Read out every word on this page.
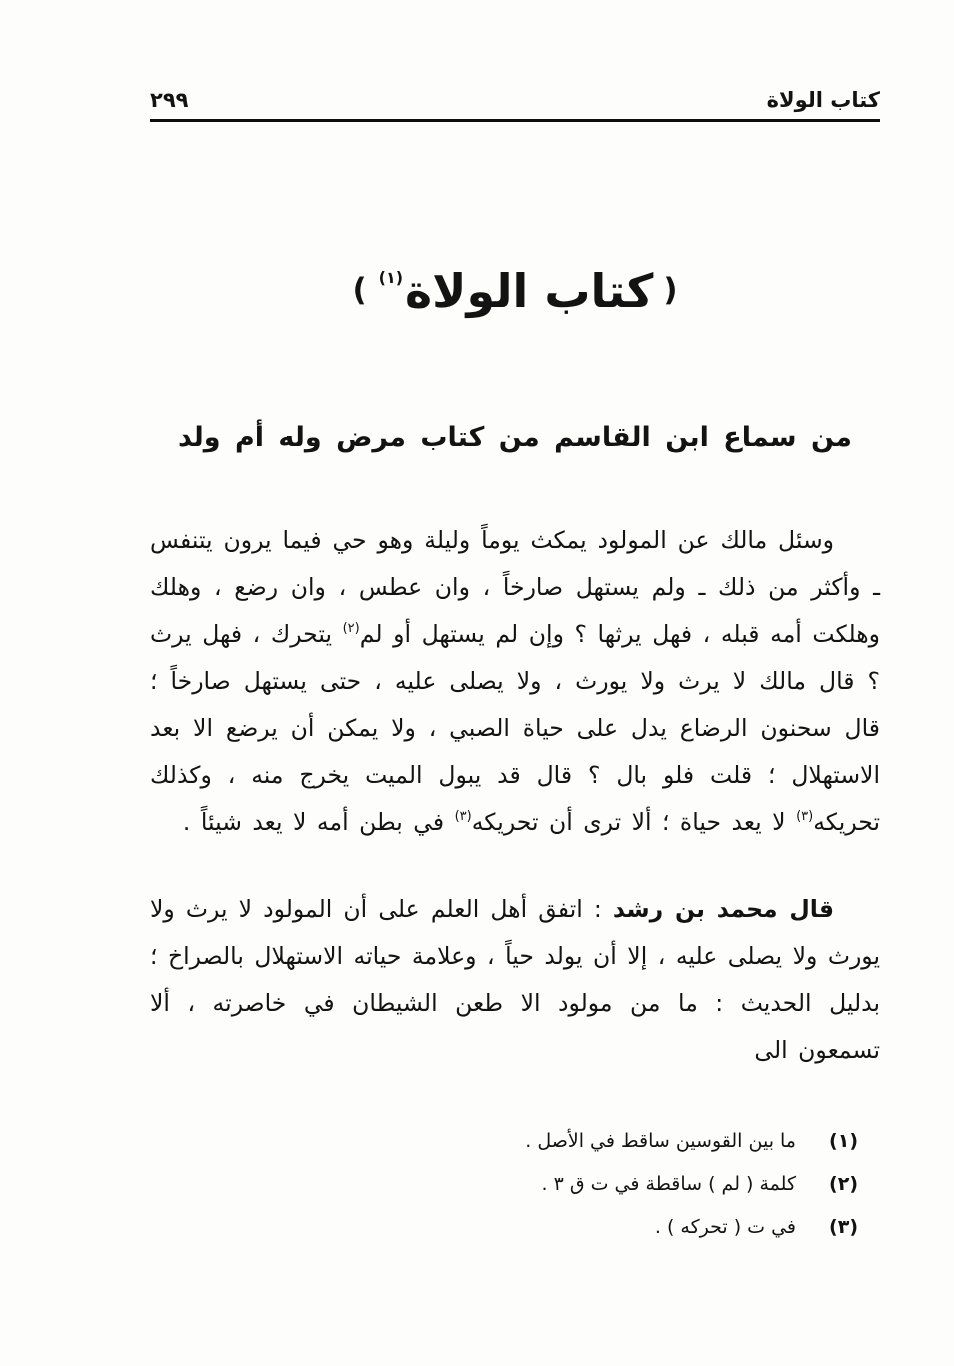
٢٩٩	كتاب الولاة
(كتاب الولاة$^{(١)}$)
من سماع ابن القاسم من كتاب مرض وله أم ولد

وسئل مالك عن المولود يمكث يوماً وليلة وهو حي فيما يرون يتنفس ـ وأكثر من ذلك ـ ولم يستهل صارخاً ، وان عطس ، وان رضع ، وهلك وهلكت أمه قبله ، فهل يرثها ؟ وإن لم يستهل أو لم$^{(٢)}$ يتحرك ، فهل يرث ؟ قال مالك لا يرث ولا يورث ، ولا يصلى عليه ، حتى يستهل صارخاً ؛ قال سحنون الرضاع يدل على حياة الصبي ، ولا يمكن أن يرضع الا بعد الاستهلال ؛ قلت فلو بال ؟ قال قد يبول الميت يخرج منه ، وكذلك تحريكه$^{(٣)}$ لا يعد حياة ؛ ألا ترى أن تحريكه$^{(٣)}$ في بطن أمه لا يعد شيئاً .

قال محمد بن رشد : اتفق أهل العلم على أن المولود لا يرث ولا يورث ولا يصلى عليه ، إلا أن يولد حياً ، وعلامة حياته الاستهلال بالصراخ ؛ بدليل الحديث : ما من مولود الا طعن الشيطان في خاصرته ، ألا تسمعون الى

(١)
ما بين القوسين ساقط في الأصل .
(٢)
كلمة ( لم ) ساقطة في ت ق ٣ .
(٣)
في ت ( تحركه ) .
